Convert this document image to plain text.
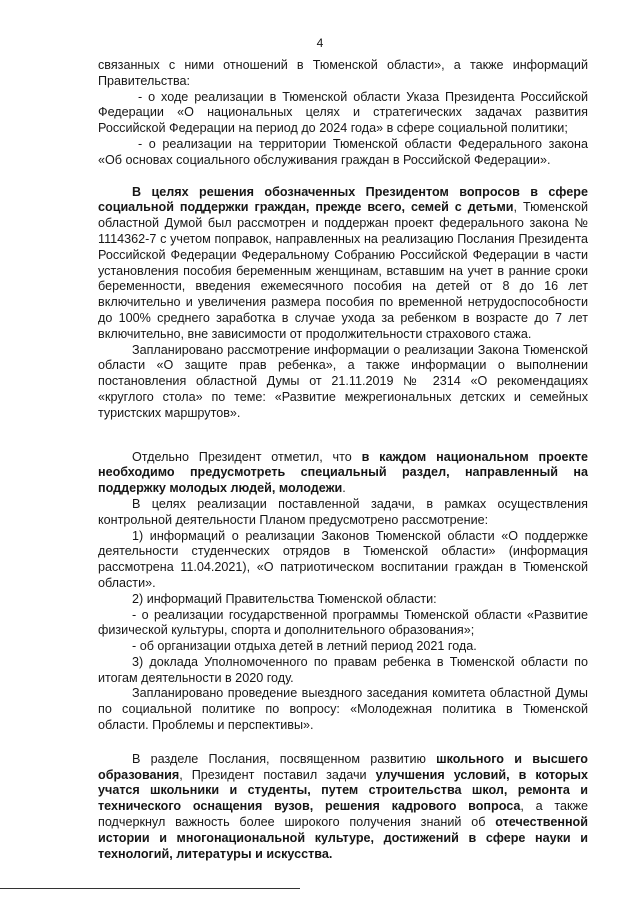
4

связанных с ними отношений в Тюменской области», а также информаций Правительства:

- о ходе реализации в Тюменской области Указа Президента Российской Федерации «О национальных целях и стратегических задачах развития Российской Федерации на период до 2024 года» в сфере социальной политики;

- о реализации на территории Тюменской области Федерального закона «Об основах социального обслуживания граждан в Российской Федерации».

В целях решения обозначенных Президентом вопросов в сфере социальной поддержки граждан, прежде всего, семей с детьми, Тюменской областной Думой был рассмотрен и поддержан проект федерального закона № 1114362-7 с учетом поправок, направленных на реализацию Послания Президента Российской Федерации Федеральному Собранию Российской Федерации в части установления пособия беременным женщинам, вставшим на учет в ранние сроки беременности, введения ежемесячного пособия на детей от 8 до 16 лет включительно и увеличения размера пособия по временной нетрудоспособности до 100% среднего заработка в случае ухода за ребенком в возрасте до 7 лет включительно, вне зависимости от продолжительности страхового стажа.

Запланировано рассмотрение информации о реализации Закона Тюменской области «О защите прав ребенка», а также информации о выполнении постановления областной Думы от 21.11.2019 № 2314 «О рекомендациях «круглого стола» по теме: «Развитие межрегиональных детских и семейных туристских маршрутов».

Отдельно Президент отметил, что в каждом национальном проекте необходимо предусмотреть специальный раздел, направленный на поддержку молодых людей, молодежи.

В целях реализации поставленной задачи, в рамках осуществления контрольной деятельности Планом предусмотрено рассмотрение:

1) информаций о реализации Законов Тюменской области «О поддержке деятельности студенческих отрядов в Тюменской области» (информация рассмотрена 11.04.2021), «О патриотическом воспитании граждан в Тюменской области».

2) информаций Правительства Тюменской области:

- о реализации государственной программы Тюменской области «Развитие физической культуры, спорта и дополнительного образования»;

- об организации отдыха детей в летний период 2021 года.

3) доклада Уполномоченного по правам ребенка в Тюменской области по итогам деятельности в 2020 году.

Запланировано проведение выездного заседания комитета областной Думы по социальной политике по вопросу: «Молодежная политика в Тюменской области. Проблемы и перспективы».

В разделе Послания, посвященном развитию школьного и высшего образования, Президент поставил задачи улучшения условий, в которых учатся школьники и студенты, путем строительства школ, ремонта и технического оснащения вузов, решения кадрового вопроса, а также подчеркнул важность более широкого получения знаний об отечественной истории и многонациональной культуре, достижений в сфере науки и технологий, литературы и искусства.
